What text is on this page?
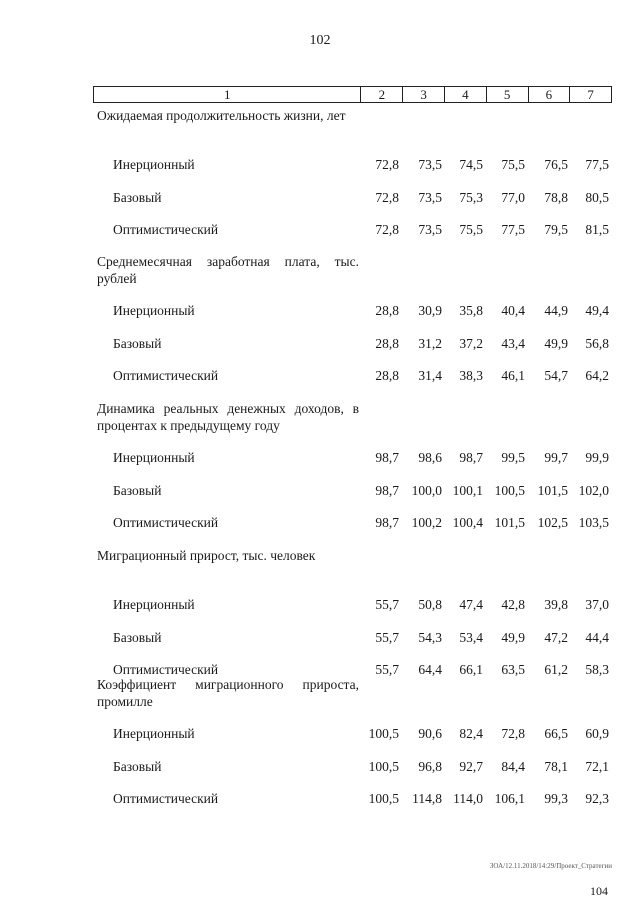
102
1	2	3	4	5	6	7
Ожидаемая продолжительность жизни, лет
Инерционный	72,8	73,5	74,5	75,5	76,5	77,5
Базовый	72,8	73,5	75,3	77,0	78,8	80,5
Оптимистический	72,8	73,5	75,5	77,5	79,5	81,5
Среднемесячная заработная плата, тыс. рублей
Инерционный	28,8	30,9	35,8	40,4	44,9	49,4
Базовый	28,8	31,2	37,2	43,4	49,9	56,8
Оптимистический	28,8	31,4	38,3	46,1	54,7	64,2
Динамика реальных денежных доходов, в процентах к предыдущему году
Инерционный	98,7	98,6	98,7	99,5	99,7	99,9
Базовый	98,7 100,0 100,1 100,5 101,5 102,0
Оптимистический	98,7 100,2 100,4 101,5 102,5 103,5
Миграционный прирост, тыс. человек
Инерционный	55,7	50,8	47,4	42,8	39,8	37,0
Базовый	55,7	54,3	53,4	49,9	47,2	44,4
Оптимистический	55,7	64,4	66,1	63,5	61,2	58,3
Коэффициент миграционного прироста, промилле
Инерционный	100,5	90,6	82,4	72,8	66,5	60,9
Базовый	100,5	96,8	92,7	84,4	78,1	72,1
Оптимистический	100,5 114,8 114,0 106,1	99,3	92,3
ЗОА/12.11.2018/14:29/Проект_Стратегии
104
